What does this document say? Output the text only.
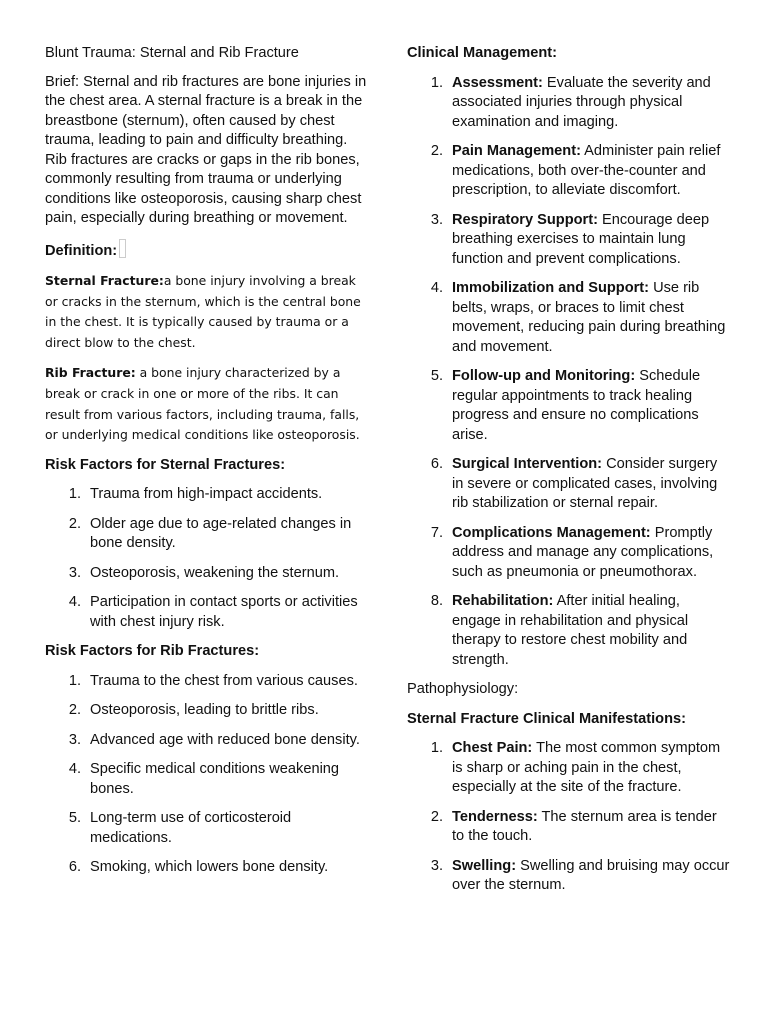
Blunt Trauma: Sternal and Rib Fracture

Brief: Sternal and rib fractures are bone injuries in the chest area. A sternal fracture is a break in the breastbone (sternum), often caused by chest trauma, leading to pain and difficulty breathing. Rib fractures are cracks or gaps in the rib bones, commonly resulting from trauma or underlying conditions like osteoporosis, causing sharp chest pain, especially during breathing or movement.

Definition:

Sternal Fracture:a bone injury involving a break or cracks in the sternum, which is the central bone in the chest. It is typically caused by trauma or a direct blow to the chest.

Rib Fracture: a bone injury characterized by a break or crack in one or more of the ribs. It can result from various factors, including trauma, falls, or underlying medical conditions like osteoporosis.

Risk Factors for Sternal Fractures:

1. Trauma from high-impact accidents.
2. Older age due to age-related changes in bone density.
3. Osteoporosis, weakening the sternum.
4. Participation in contact sports or activities with chest injury risk.

Risk Factors for Rib Fractures:

1. Trauma to the chest from various causes.
2. Osteoporosis, leading to brittle ribs.
3. Advanced age with reduced bone density.
4. Specific medical conditions weakening bones.
5. Long-term use of corticosteroid medications.
6. Smoking, which lowers bone density.

Clinical Management:

1. Assessment: Evaluate the severity and associated injuries through physical examination and imaging.
2. Pain Management: Administer pain relief medications, both over-the-counter and prescription, to alleviate discomfort.
3. Respiratory Support: Encourage deep breathing exercises to maintain lung function and prevent complications.
4. Immobilization and Support: Use rib belts, wraps, or braces to limit chest movement, reducing pain during breathing and movement.
5. Follow-up and Monitoring: Schedule regular appointments to track healing progress and ensure no complications arise.
6. Surgical Intervention: Consider surgery in severe or complicated cases, involving rib stabilization or sternal repair.
7. Complications Management: Promptly address and manage any complications, such as pneumonia or pneumothorax.
8. Rehabilitation: After initial healing, engage in rehabilitation and physical therapy to restore chest mobility and strength.

Pathophysiology:

Sternal Fracture Clinical Manifestations:

1. Chest Pain: The most common symptom is sharp or aching pain in the chest, especially at the site of the fracture.
2. Tenderness: The sternum area is tender to the touch.
3. Swelling: Swelling and bruising may occur over the sternum.
